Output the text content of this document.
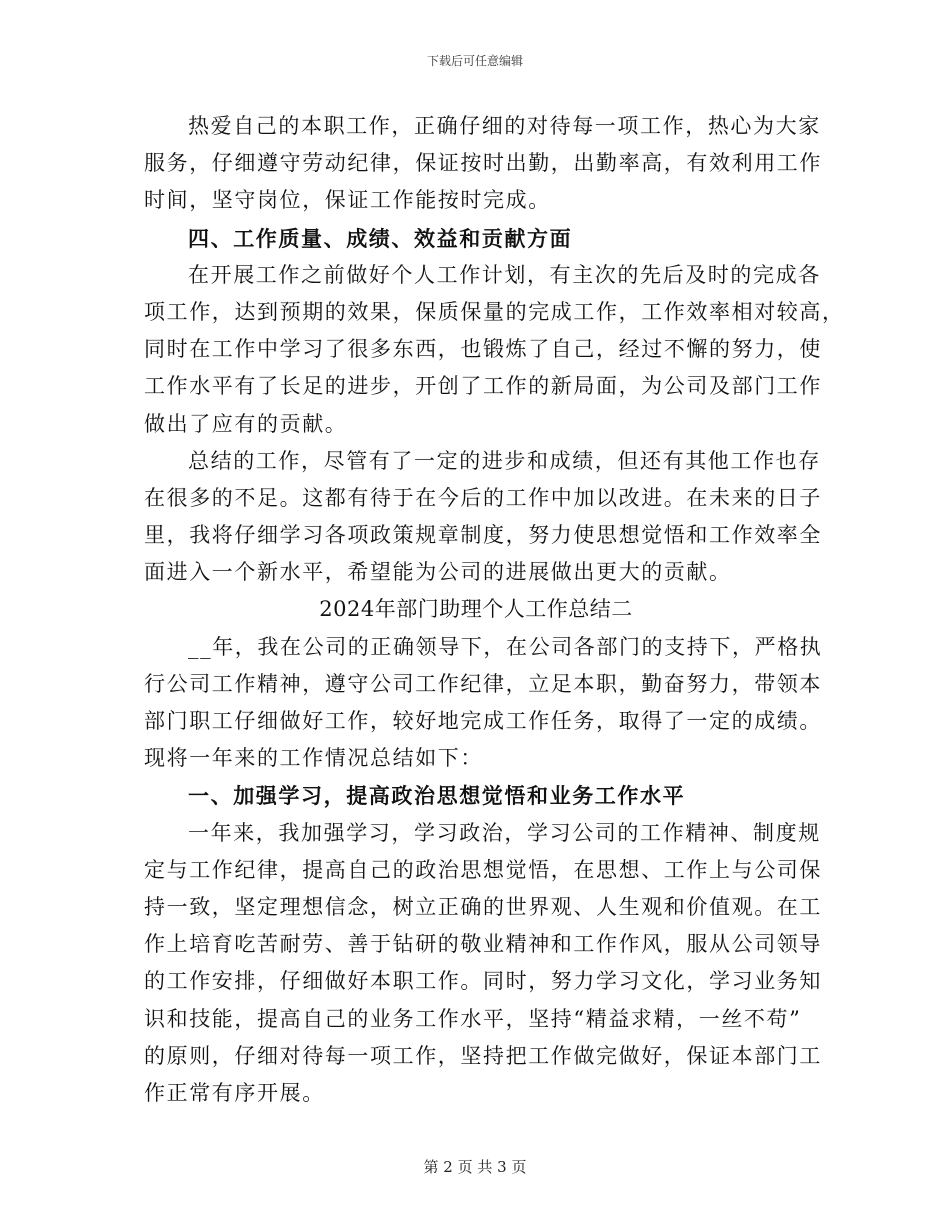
下载后可任意编辑
热爱自己的本职工作，正确仔细的对待每一项工作，热心为大家
服务，仔细遵守劳动纪律，保证按时出勤，出勤率高，有效利用工作
时间，坚守岗位，保证工作能按时完成。
四、工作质量、成绩、效益和贡献方面
在开展工作之前做好个人工作计划，有主次的先后及时的完成各
项工作，达到预期的效果，保质保量的完成工作，工作效率相对较高，
同时在工作中学习了很多东西，也锻炼了自己，经过不懈的努力，使
工作水平有了长足的进步，开创了工作的新局面，为公司及部门工作
做出了应有的贡献。
总结的工作，尽管有了一定的进步和成绩，但还有其他工作也存
在很多的不足。这都有待于在今后的工作中加以改进。在未来的日子
里，我将仔细学习各项政策规章制度，努力使思想觉悟和工作效率全
面进入一个新水平，希望能为公司的进展做出更大的贡献。
2024年部门助理个人工作总结二
__年，我在公司的正确领导下，在公司各部门的支持下，严格执
行公司工作精神，遵守公司工作纪律，立足本职，勤奋努力，带领本
部门职工仔细做好工作，较好地完成工作任务，取得了一定的成绩。
现将一年来的工作情况总结如下：
一、加强学习，提高政治思想觉悟和业务工作水平
一年来，我加强学习，学习政治，学习公司的工作精神、制度规
定与工作纪律，提高自己的政治思想觉悟，在思想、工作上与公司保
持一致，坚定理想信念，树立正确的世界观、人生观和价值观。在工
作上培育吃苦耐劳、善于钻研的敬业精神和工作作风，服从公司领导
的工作安排，仔细做好本职工作。同时，努力学习文化，学习业务知
识和技能，提高自己的业务工作水平，坚持“精益求精，一丝不苟”
的原则，仔细对待每一项工作，坚持把工作做完做好，保证本部门工
作正常有序开展。
第 2 页 共 3 页
